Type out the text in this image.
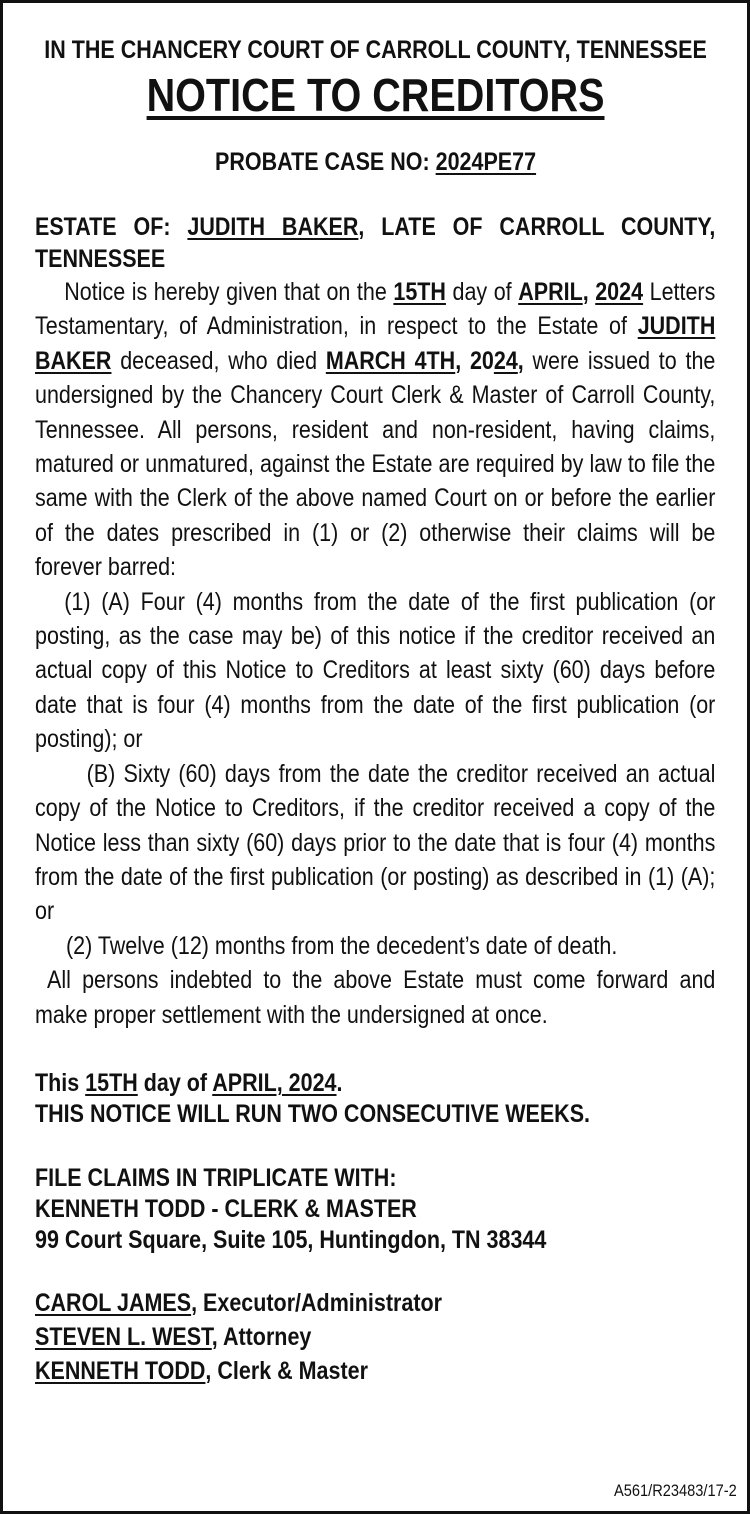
IN THE CHANCERY COURT OF CARROLL COUNTY, TENNESSEE
NOTICE TO CREDITORS
PROBATE CASE NO: 2024PE77
ESTATE OF: JUDITH BAKER, LATE OF CARROLL COUNTY, TENNESSEE

Notice is hereby given that on the 15TH day of APRIL, 2024 Letters Testamentary, of Administration, in respect to the Estate of JUDITH BAKER deceased, who died MARCH 4TH, 2024, were issued to the undersigned by the Chancery Court Clerk & Master of Carroll County, Tennessee. All persons, resident and non-resident, having claims, matured or unmatured, against the Estate are required by law to file the same with the Clerk of the above named Court on or before the earlier of the dates prescribed in (1) or (2) otherwise their claims will be forever barred:

(1) (A) Four (4) months from the date of the first publication (or posting, as the case may be) of this notice if the creditor received an actual copy of this Notice to Creditors at least sixty (60) days before date that is four (4) months from the date of the first publication (or posting); or

(B) Sixty (60) days from the date the creditor received an actual copy of the Notice to Creditors, if the creditor received a copy of the Notice less than sixty (60) days prior to the date that is four (4) months from the date of the first publication (or posting) as described in (1) (A); or

(2) Twelve (12) months from the decedent’s date of death.

All persons indebted to the above Estate must come forward and make proper settlement with the undersigned at once.

This 15TH day of APRIL, 2024.
THIS NOTICE WILL RUN TWO CONSECUTIVE WEEKS.
FILE CLAIMS IN TRIPLICATE WITH:
KENNETH TODD - CLERK & MASTER
99 Court Square, Suite 105, Huntingdon, TN 38344
CAROL JAMES, Executor/Administrator
STEVEN L. WEST, Attorney
KENNETH TODD, Clerk & Master
A561/R23483/17-2
